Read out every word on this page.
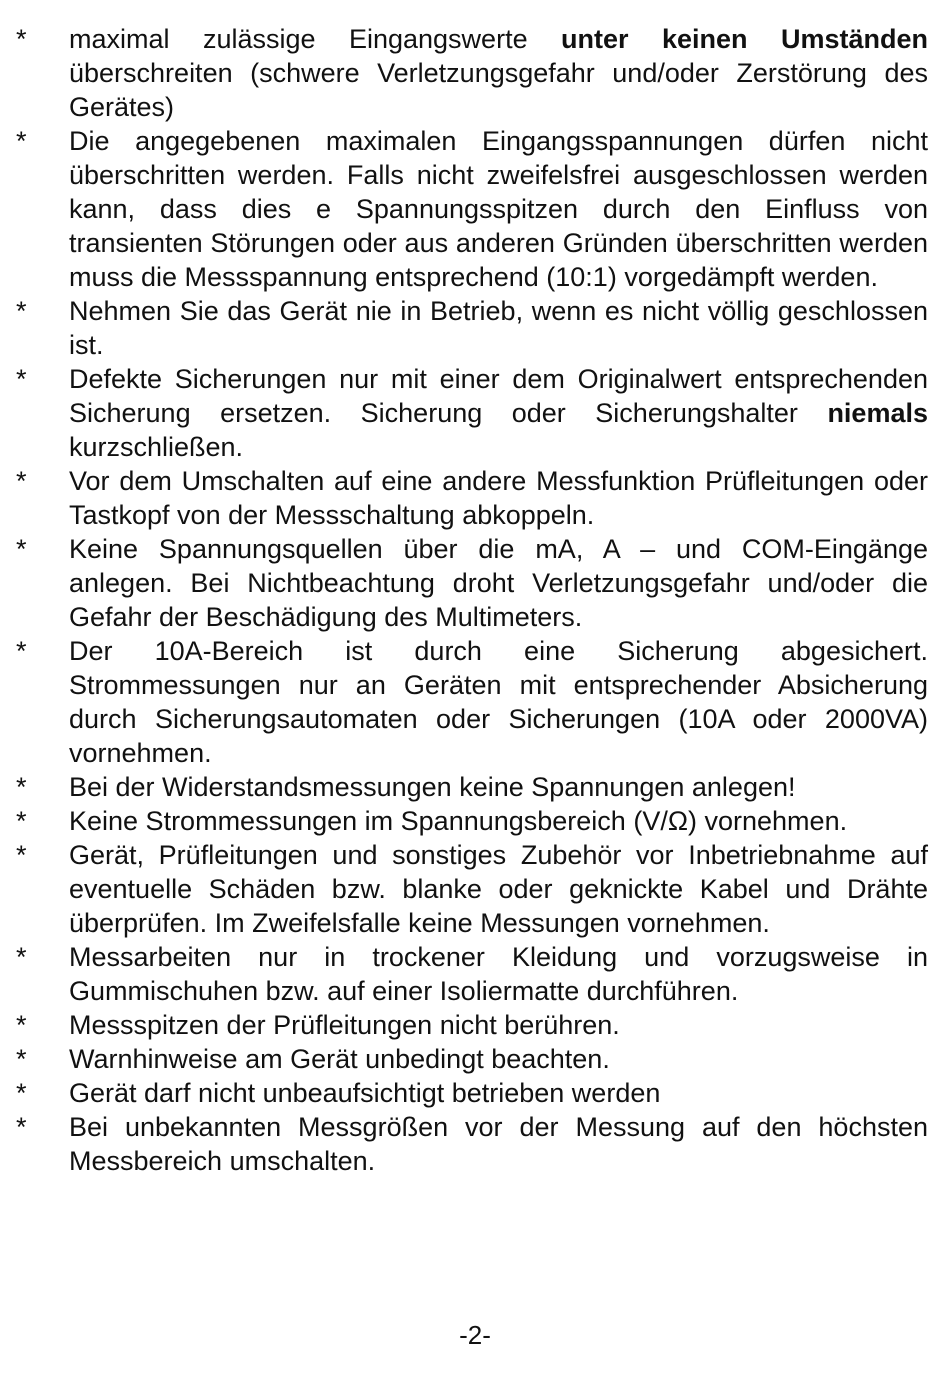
* maximal zulässige Eingangswerte unter keinen Umständen überschreiten (schwere Verletzungsgefahr und/oder Zerstörung des Gerätes)
* Die angegebenen maximalen Eingangsspannungen dürfen nicht überschritten werden. Falls nicht zweifelsfrei ausgeschlossen werden kann, dass dies e Spannungsspitzen durch den Einfluss von transienten Störungen oder aus anderen Gründen überschritten werden muss die Messspannung entsprechend (10:1) vorgedämpft werden.
* Nehmen Sie das Gerät nie in Betrieb, wenn es nicht völlig geschlossen ist.
* Defekte Sicherungen nur mit einer dem Originalwert entsprechenden Sicherung ersetzen. Sicherung oder Sicherungshalter niemals kurzschließen.
* Vor dem Umschalten auf eine andere Messfunktion Prüfleitungen oder Tastkopf von der Messschaltung abkoppeln.
* Keine Spannungsquellen über die mA, A – und COM-Eingänge anlegen. Bei Nichtbeachtung droht Verletzungsgefahr und/oder die Gefahr der Beschädigung des Multimeters.
* Der 10A-Bereich ist durch eine Sicherung abgesichert. Strommessungen nur an Geräten mit entsprechender Absicherung durch Sicherungsautomaten oder Sicherungen (10A oder 2000VA) vornehmen.
* Bei der Widerstandsmessungen keine Spannungen anlegen!
* Keine Strommessungen im Spannungsbereich (V/Ω) vornehmen.
* Gerät, Prüfleitungen und sonstiges Zubehör vor Inbetriebnahme auf eventuelle Schäden bzw. blanke oder geknickte Kabel und Drähte überprüfen. Im Zweifelsfalle keine Messungen vornehmen.
* Messarbeiten nur in trockener Kleidung und vorzugsweise in Gummischuhen bzw. auf einer Isoliermatte durchführen.
* Messspitzen der Prüfleitungen nicht berühren.
* Warnhinweise am Gerät unbedingt beachten.
* Gerät darf nicht unbeaufsichtigt betrieben werden
* Bei unbekannten Messgrößen vor der Messung auf den höchsten Messbereich umschalten.
-2-
